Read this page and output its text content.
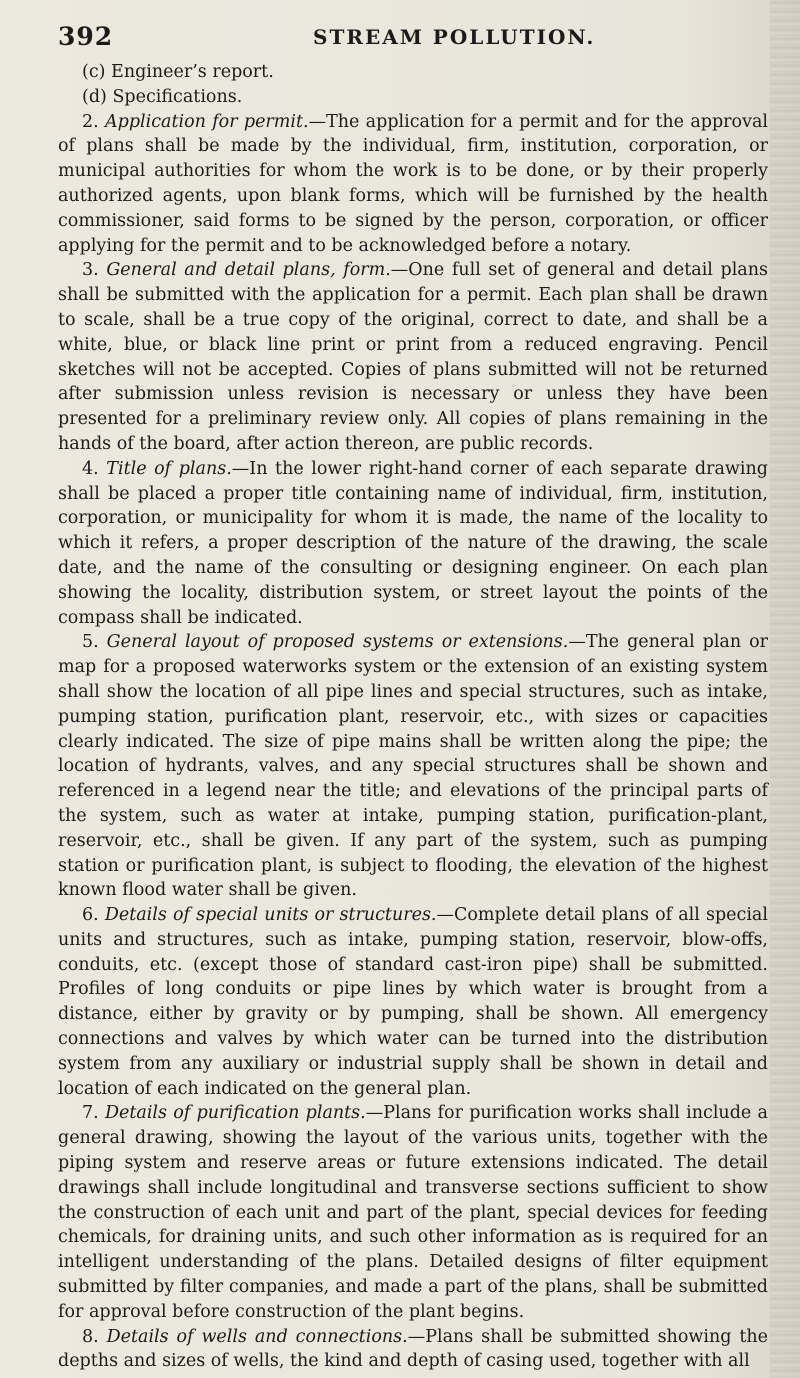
392	STREAM POLLUTION.

(c) Engineer’s report.

(d) Specifications.

2. Application for permit.—The application for a permit and for the approval of plans shall be made by the individual, firm, institution, corporation, or municipal authorities for whom the work is to be done, or by their properly authorized agents, upon blank forms, which will be furnished by the health commissioner, said forms to be signed by the person, corporation, or officer applying for the permit and to be acknowledged before a notary.

3. General and detail plans, form.—One full set of general and detail plans shall be submitted with the application for a permit. Each plan shall be drawn to scale, shall be a true copy of the original, correct to date, and shall be a white, blue, or black line print or print from a reduced engraving. Pencil sketches will not be accepted. Copies of plans submitted will not be returned after submission unless revision is necessary or unless they have been presented for a preliminary review only. All copies of plans remaining in the hands of the board, after action thereon, are public records.

4. Title of plans.—In the lower right-hand corner of each separate drawing shall be placed a proper title containing name of individual, firm, institution, corporation, or municipality for whom it is made, the name of the locality to which it refers, a proper description of the nature of the drawing, the scale date, and the name of the consulting or designing engineer. On each plan showing the locality, distribution system, or street layout the points of the compass shall be indicated.

5. General layout of proposed systems or extensions.—The general plan or map for a proposed waterworks system or the extension of an existing system shall show the location of all pipe lines and special structures, such as intake, pumping station, purification plant, reservoir, etc., with sizes or capacities clearly indicated. The size of pipe mains shall be written along the pipe; the location of hydrants, valves, and any special structures shall be shown and referenced in a legend near the title; and elevations of the principal parts of the system, such as water at intake, pumping station, purification-plant, reservoir, etc., shall be given. If any part of the system, such as pumping station or purification plant, is subject to flooding, the elevation of the highest known flood water shall be given.

6. Details of special units or structures.—Complete detail plans of all special units and structures, such as intake, pumping station, reservoir, blow-offs, conduits, etc. (except those of standard cast-iron pipe) shall be submitted. Profiles of long conduits or pipe lines by which water is brought from a distance, either by gravity or by pumping, shall be shown. All emergency connections and valves by which water can be turned into the distribution system from any auxiliary or industrial supply shall be shown in detail and location of each indicated on the general plan.

7. Details of purification plants.—Plans for purification works shall include a general drawing, showing the layout of the various units, together with the piping system and reserve areas or future extensions indicated. The detail drawings shall include longitudinal and transverse sections sufficient to show the construction of each unit and part of the plant, special devices for feeding chemicals, for draining units, and such other information as is required for an intelligent understanding of the plans. Detailed designs of filter equipment submitted by filter companies, and made a part of the plans, shall be submitted for approval before construction of the plant begins.

8. Details of wells and connections.—Plans shall be submitted showing the depths and sizes of wells, the kind and depth of casing used, together with all
